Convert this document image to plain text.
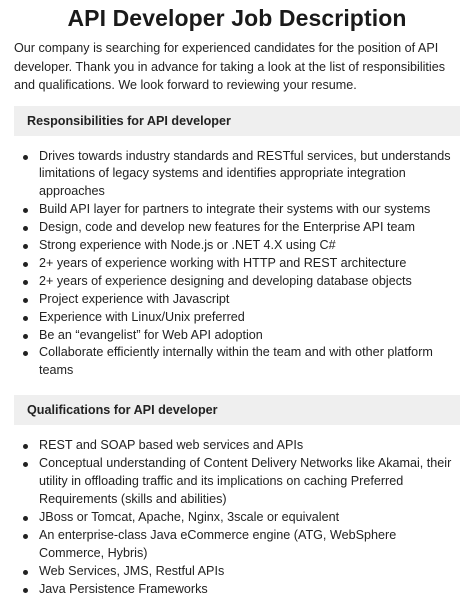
API Developer Job Description

Our company is searching for experienced candidates for the position of API developer. Thank you in advance for taking a look at the list of responsibilities and qualifications. We look forward to reviewing your resume.

Responsibilities for API developer
Drives towards industry standards and RESTful services, but understands limitations of legacy systems and identifies appropriate integration approaches
Build API layer for partners to integrate their systems with our systems
Design, code and develop new features for the Enterprise API team
Strong experience with Node.js or .NET 4.X using C#
2+ years of experience working with HTTP and REST architecture
2+ years of experience designing and developing database objects
Project experience with Javascript
Experience with Linux/Unix preferred
Be an “evangelist” for Web API adoption
Collaborate efficiently internally within the team and with other platform teams
Qualifications for API developer
REST and SOAP based web services and APIs
Conceptual understanding of Content Delivery Networks like Akamai, their utility in offloading traffic and its implications on caching Preferred Requirements (skills and abilities)
JBoss or Tomcat, Apache, Nginx, 3scale or equivalent
An enterprise-class Java eCommerce engine (ATG, WebSphere Commerce, Hybris)
Web Services, JMS, Restful APIs
Java Persistence Frameworks
